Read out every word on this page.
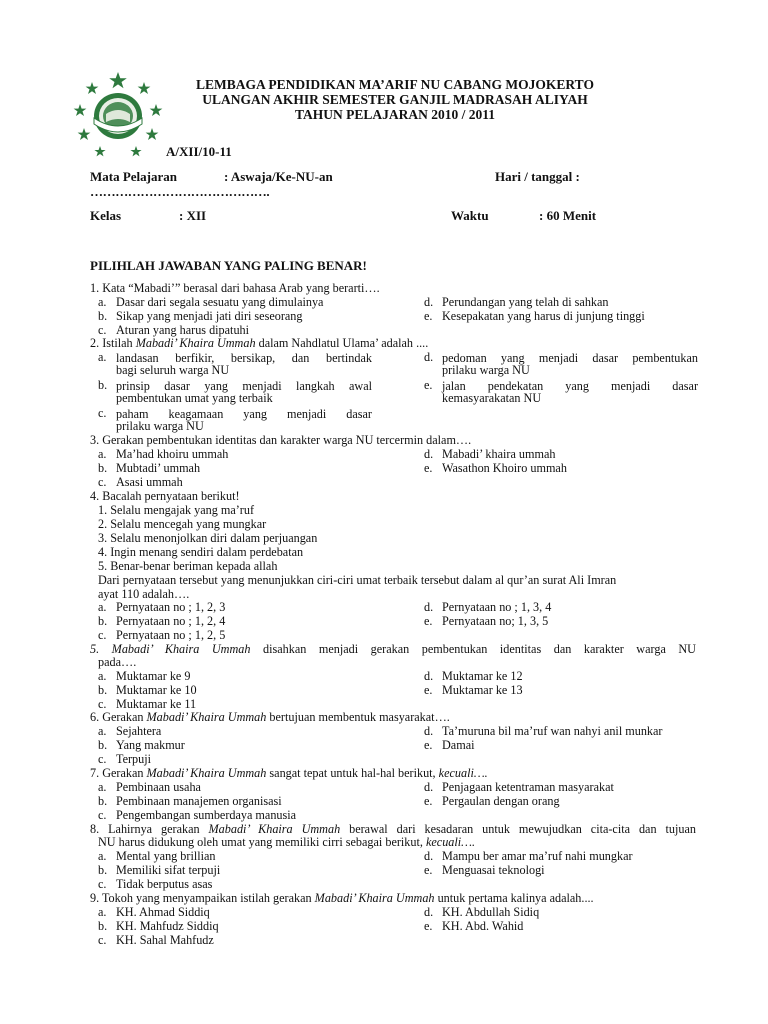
LEMBAGA PENDIDIKAN MA’ARIF NU CABANG MOJOKERTO
ULANGAN AKHIR SEMESTER GANJIL MADRASAH ALIYAH
TAHUN PELAJARAN 2010 / 2011
A/XII/10-11
Mata Pelajaran	: Aswaja/Ke-NU-an	Hari / tanggal :
…………………………………….
Kelas	: XII	Waktu	: 60 Menit
PILIHLAH JAWABAN YANG PALING BENAR!
1. Kata “Mabadi’” berasal dari bahasa Arab yang berarti….
a. Dasar dari segala sesuatu yang dimulainya
b. Sikap yang menjadi jati diri seseorang
c. Aturan yang harus dipatuhi
d. Perundangan yang telah di sahkan
e. Kesepakatan yang harus di junjung tinggi
2. Istilah Mabadi’ Khaira Ummah dalam Nahdlatul Ulama’ adalah ....
a. landasan berfikir, bersikap, dan bertindak
bagi seluruh warga NU
b. prinsip dasar yang menjadi langkah awal
pembentukan umat yang terbaik
c. paham keagamaan yang menjadi dasar
prilaku warga NU
d. pedoman yang menjadi dasar pembentukan
prilaku warga NU
e. jalan pendekatan yang menjadi dasar
kemasyarakatan NU
3. Gerakan pembentukan identitas dan karakter warga NU tercermin dalam….
a. Ma’had khoiru ummah
b. Mubtadi’ ummah
c. Asasi ummah
d. Mabadi’ khaira ummah
e. Wasathon Khoiro ummah
4. Bacalah pernyataan berikut!
1. Selalu mengajak yang ma’ruf
2. Selalu mencegah yang mungkar
3. Selalu menonjolkan diri dalam perjuangan
4. Ingin menang sendiri dalam perdebatan
5. Benar-benar beriman kepada allah
Dari pernyataan tersebut yang menunjukkan ciri-ciri umat terbaik tersebut dalam al qur’an surat Ali Imran
ayat 110 adalah….
a. Pernyataan no ; 1, 2, 3
b. Pernyataan no ; 1, 2, 4
c. Pernyataan no ; 1, 2, 5
d. Pernyataan no ; 1, 3, 4
e. Pernyataan no; 1, 3, 5
5. Mabadi’ Khaira Ummah disahkan menjadi gerakan pembentukan identitas dan karakter warga NU
pada….
a. Muktamar ke 9
b. Muktamar ke 10
c. Muktamar ke 11
d. Muktamar ke 12
e. Muktamar ke 13
6. Gerakan Mabadi’ Khaira Ummah bertujuan membentuk masyarakat….
a. Sejahtera
b. Yang makmur
c. Terpuji
d. Ta’muruna bil ma’ruf wan nahyi anil munkar
e. Damai
7. Gerakan Mabadi’ Khaira Ummah sangat tepat untuk hal-hal berikut, kecuali….
a. Pembinaan usaha
b. Pembinaan manajemen organisasi
c. Pengembangan sumberdaya manusia
d. Penjagaan ketentraman masyarakat
e. Pergaulan dengan orang
8. Lahirnya gerakan Mabadi’ Khaira Ummah berawal dari kesadaran untuk mewujudkan cita-cita dan tujuan
NU harus didukung oleh umat yang memiliki cirri sebagai berikut, kecuali….
a. Mental yang brillian
b. Memiliki sifat terpuji
c. Tidak berputus asas
d. Mampu ber amar ma’ruf nahi mungkar
e. Menguasai teknologi
9. Tokoh yang menyampaikan istilah gerakan Mabadi’ Khaira Ummah untuk pertama kalinya adalah....
a. KH. Ahmad Siddiq
b. KH. Mahfudz Siddiq
c. KH. Sahal Mahfudz
d. KH. Abdullah Sidiq
e. KH. Abd. Wahid
